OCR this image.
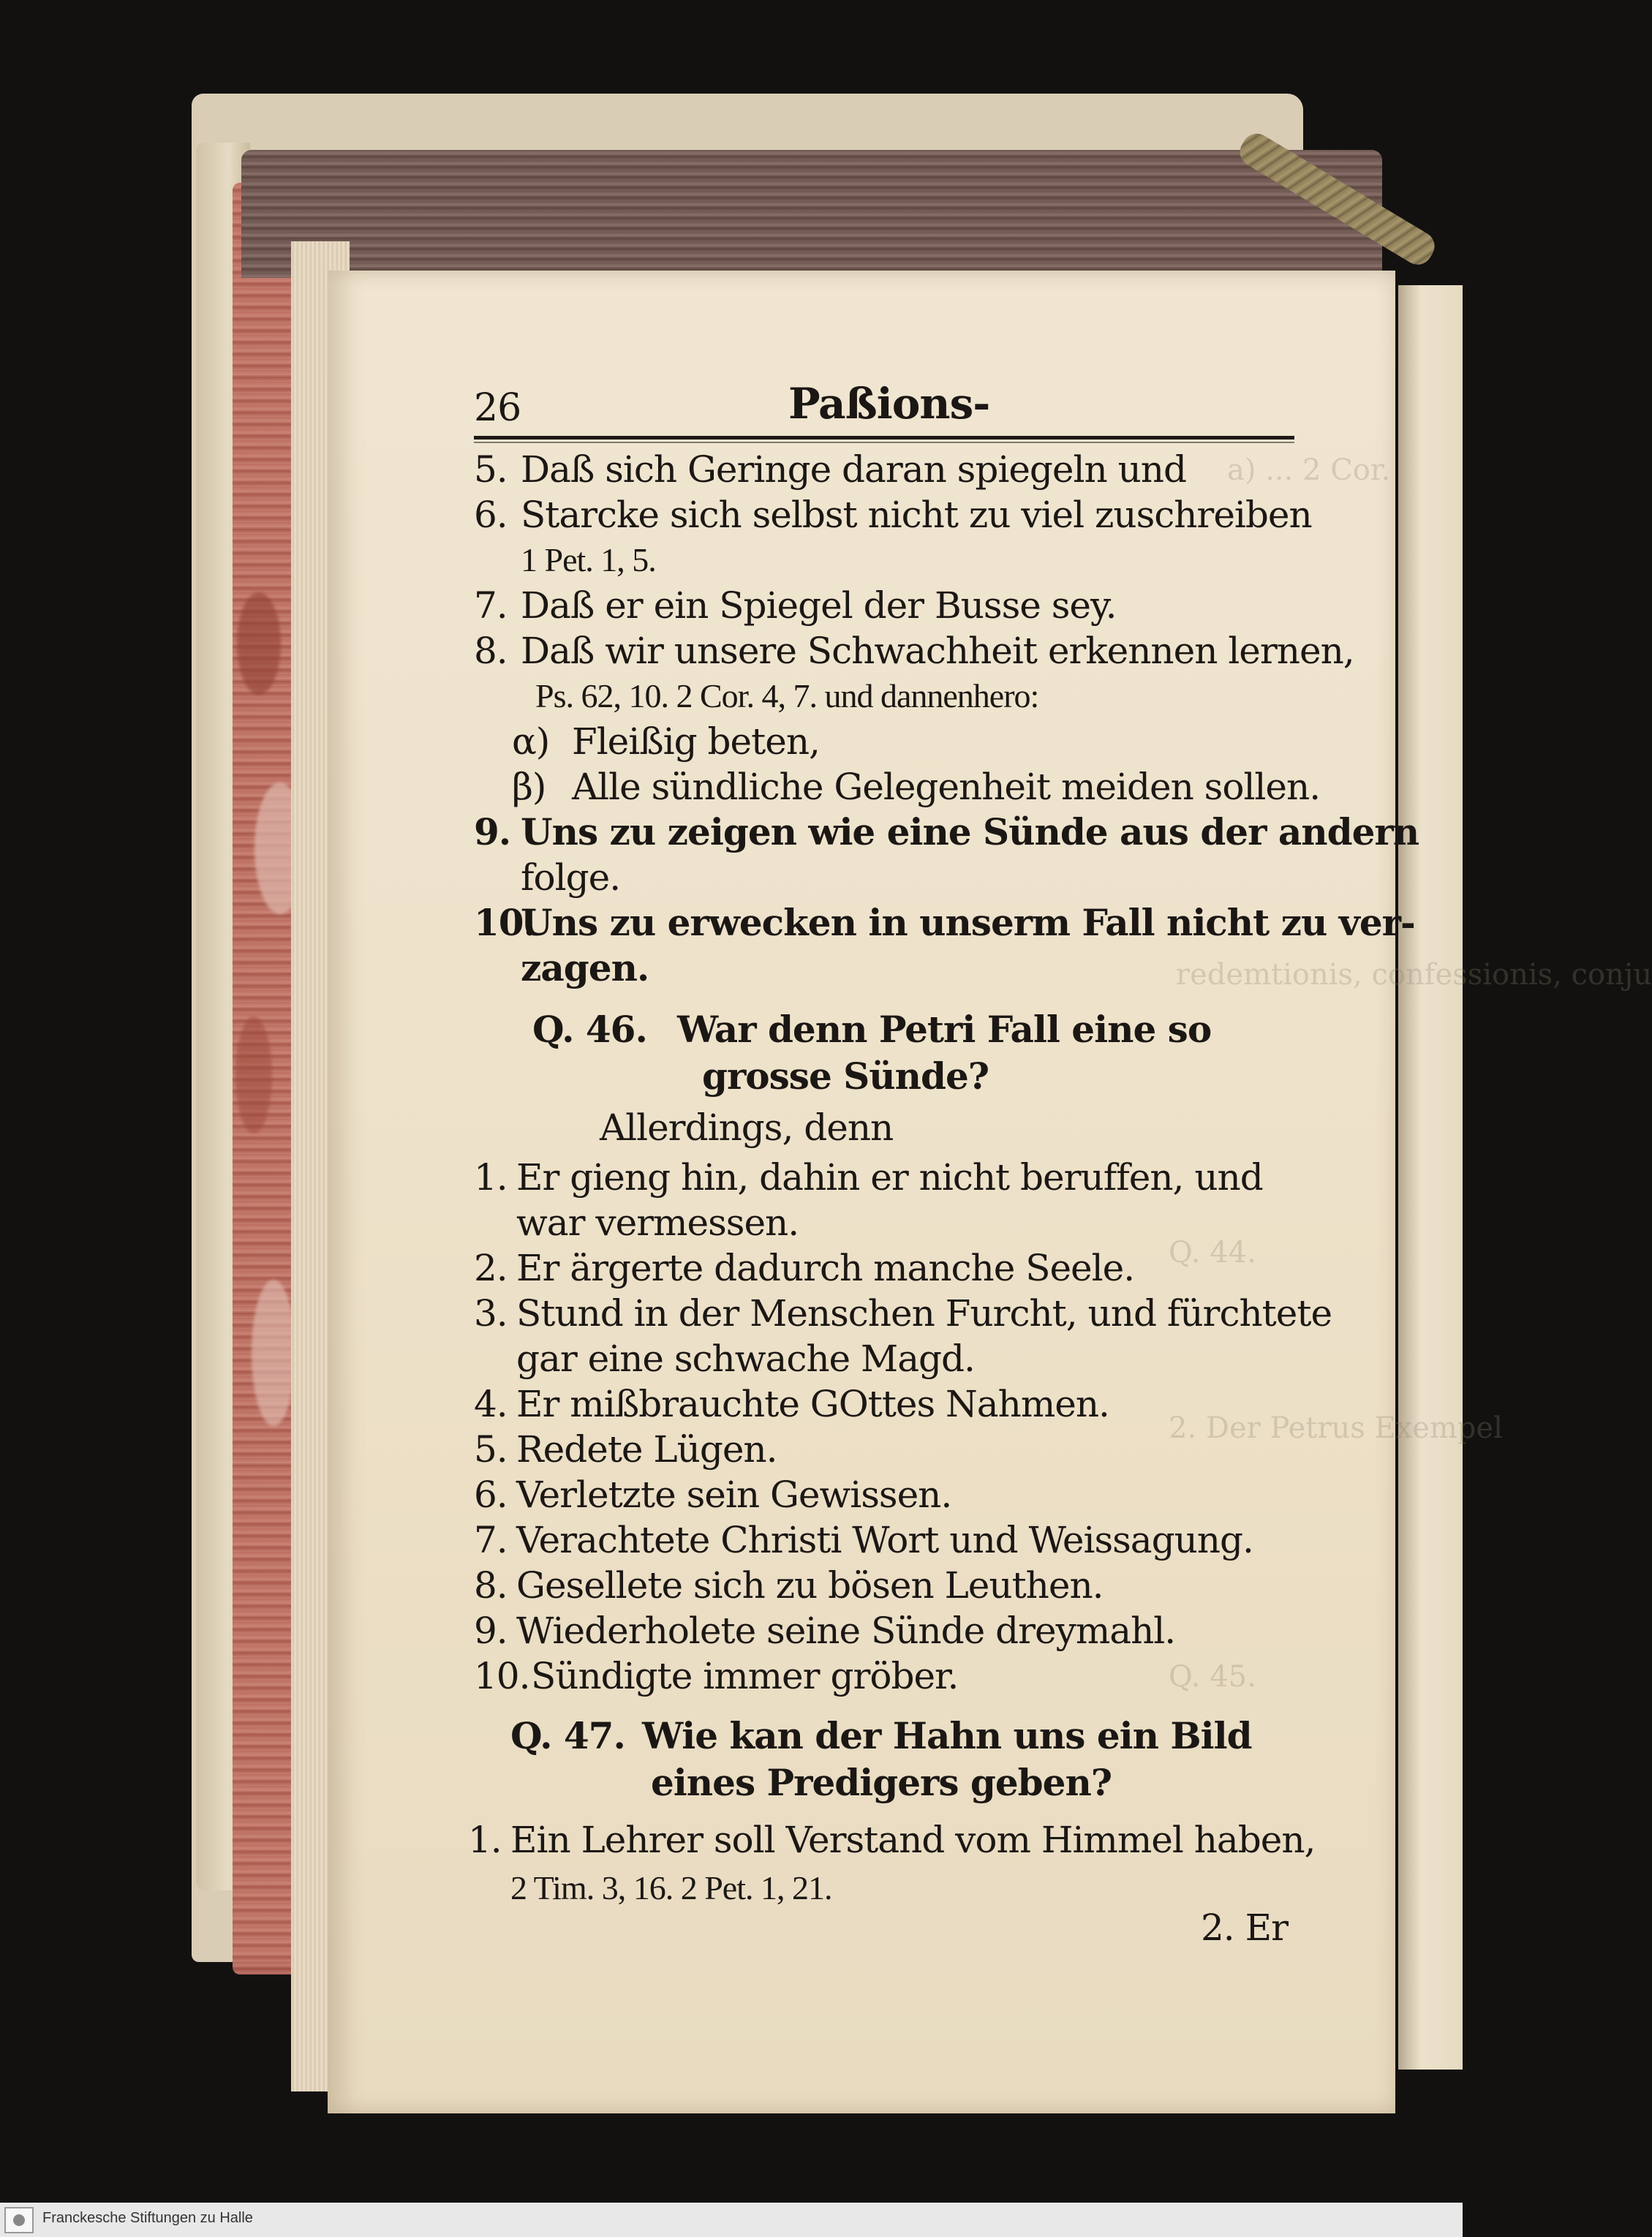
a) ... 2 Cor.
redemtionis, confessionis, conju
Q. 44.
2. Der Petrus Exempel
Q. 45.
26	Paßions-
5. Daß sich Geringe daran spiegeln und
6. Starcke sich selbst nicht zu viel zuschreiben
1 Pet. 1, 5.
7. Daß er ein Spiegel der Busse sey.
8. Daß wir unsere Schwachheit erkennen lernen,
Ps. 62, 10. 2 Cor. 4, 7. und dannenhero:
α) Fleißig beten,
β) Alle sündliche Gelegenheit meiden sollen.
9. Uns zu zeigen wie eine Sünde aus der andern
folge.
10.
Uns zu erwecken in unserm Fall nicht zu ver-
zagen.
Q. 46. War denn Petri Fall eine so
grosse Sünde?
Allerdings, denn
1. Er gieng hin, dahin er nicht beruffen, und
war vermessen.
2. Er ärgerte dadurch manche Seele.
3. Stund in der Menschen Furcht, und fürchtete
gar eine schwache Magd.
4. Er mißbrauchte GOttes Nahmen.
5. Redete Lügen.
6. Verletzte sein Gewissen.
7. Verachtete Christi Wort und Weissagung.
8. Gesellete sich zu bösen Leuthen.
9. Wiederholete seine Sünde dreymahl.
10. Sündigte immer gröber.
Q. 47. Wie kan der Hahn uns ein Bild
eines Predigers geben?
1. Ein Lehrer soll Verstand vom Himmel haben,
2 Tim. 3, 16. 2 Pet. 1, 21.
2. Er
Franckesche Stiftungen zu Halle
